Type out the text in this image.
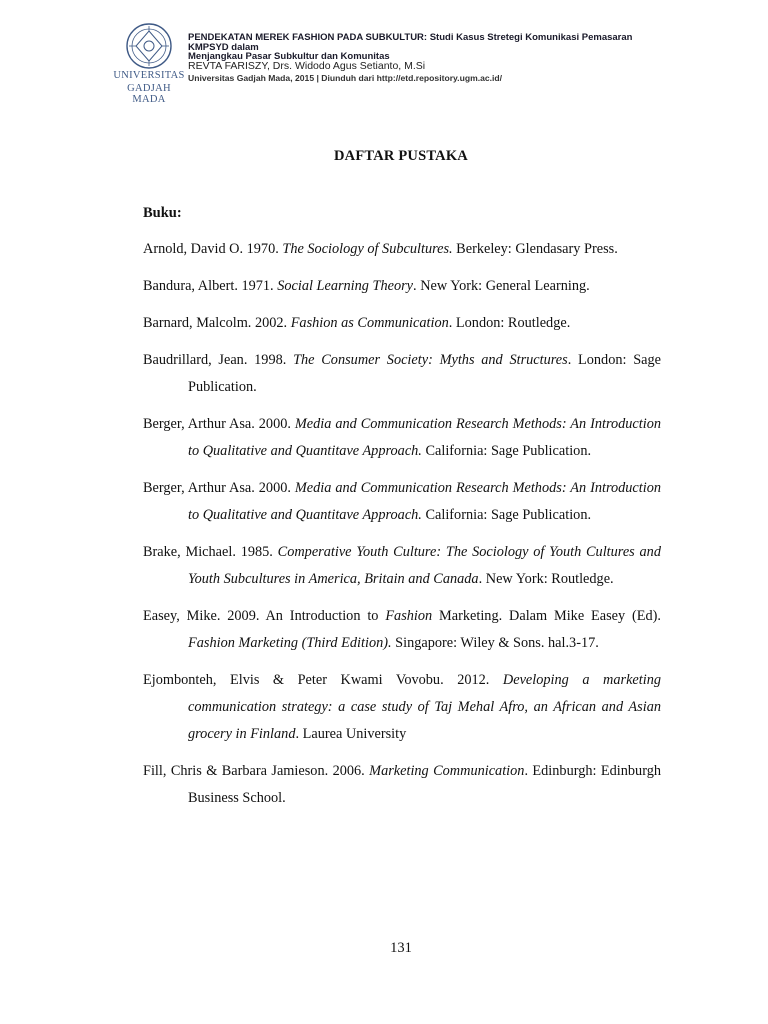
UNIVERSITAS
GADJAH MADA
PENDEKATAN MEREK FASHION PADA SUBKULTUR: Studi Kasus Stretegi Komunikasi Pemasaran
KMPSYD dalam
Menjangkau Pasar Subkultur dan Komunitas
REVTA FARISZY, Drs. Widodo Agus Setianto, M.Si
Universitas Gadjah Mada, 2015 | Diunduh dari http://etd.repository.ugm.ac.id/
DAFTAR PUSTAKA
Buku:
Arnold, David O. 1970. The Sociology of Subcultures. Berkeley: Glendasary Press.
Bandura, Albert. 1971. Social Learning Theory. New York: General Learning.
Barnard, Malcolm. 2002. Fashion as Communication. London: Routledge.
Baudrillard, Jean. 1998. The Consumer Society: Myths and Structures. London: Sage Publication.
Berger, Arthur Asa. 2000. Media and Communication Research Methods: An Introduction to Qualitative and Quantitave Approach. California: Sage Publication.
Berger, Arthur Asa. 2000. Media and Communication Research Methods: An Introduction to Qualitative and Quantitave Approach. California: Sage Publication.
Brake, Michael. 1985. Comperative Youth Culture: The Sociology of Youth Cultures and Youth Subcultures in America, Britain and Canada. New York: Routledge.
Easey, Mike. 2009. An Introduction to Fashion Marketing. Dalam Mike Easey (Ed). Fashion Marketing (Third Edition). Singapore: Wiley & Sons. hal.3-17.
Ejombonteh, Elvis & Peter Kwami Vovobu. 2012. Developing a marketing communication strategy: a case study of Taj Mehal Afro, an African and Asian grocery in Finland. Laurea University
Fill, Chris & Barbara Jamieson. 2006. Marketing Communication. Edinburgh: Edinburgh Business School.
131
